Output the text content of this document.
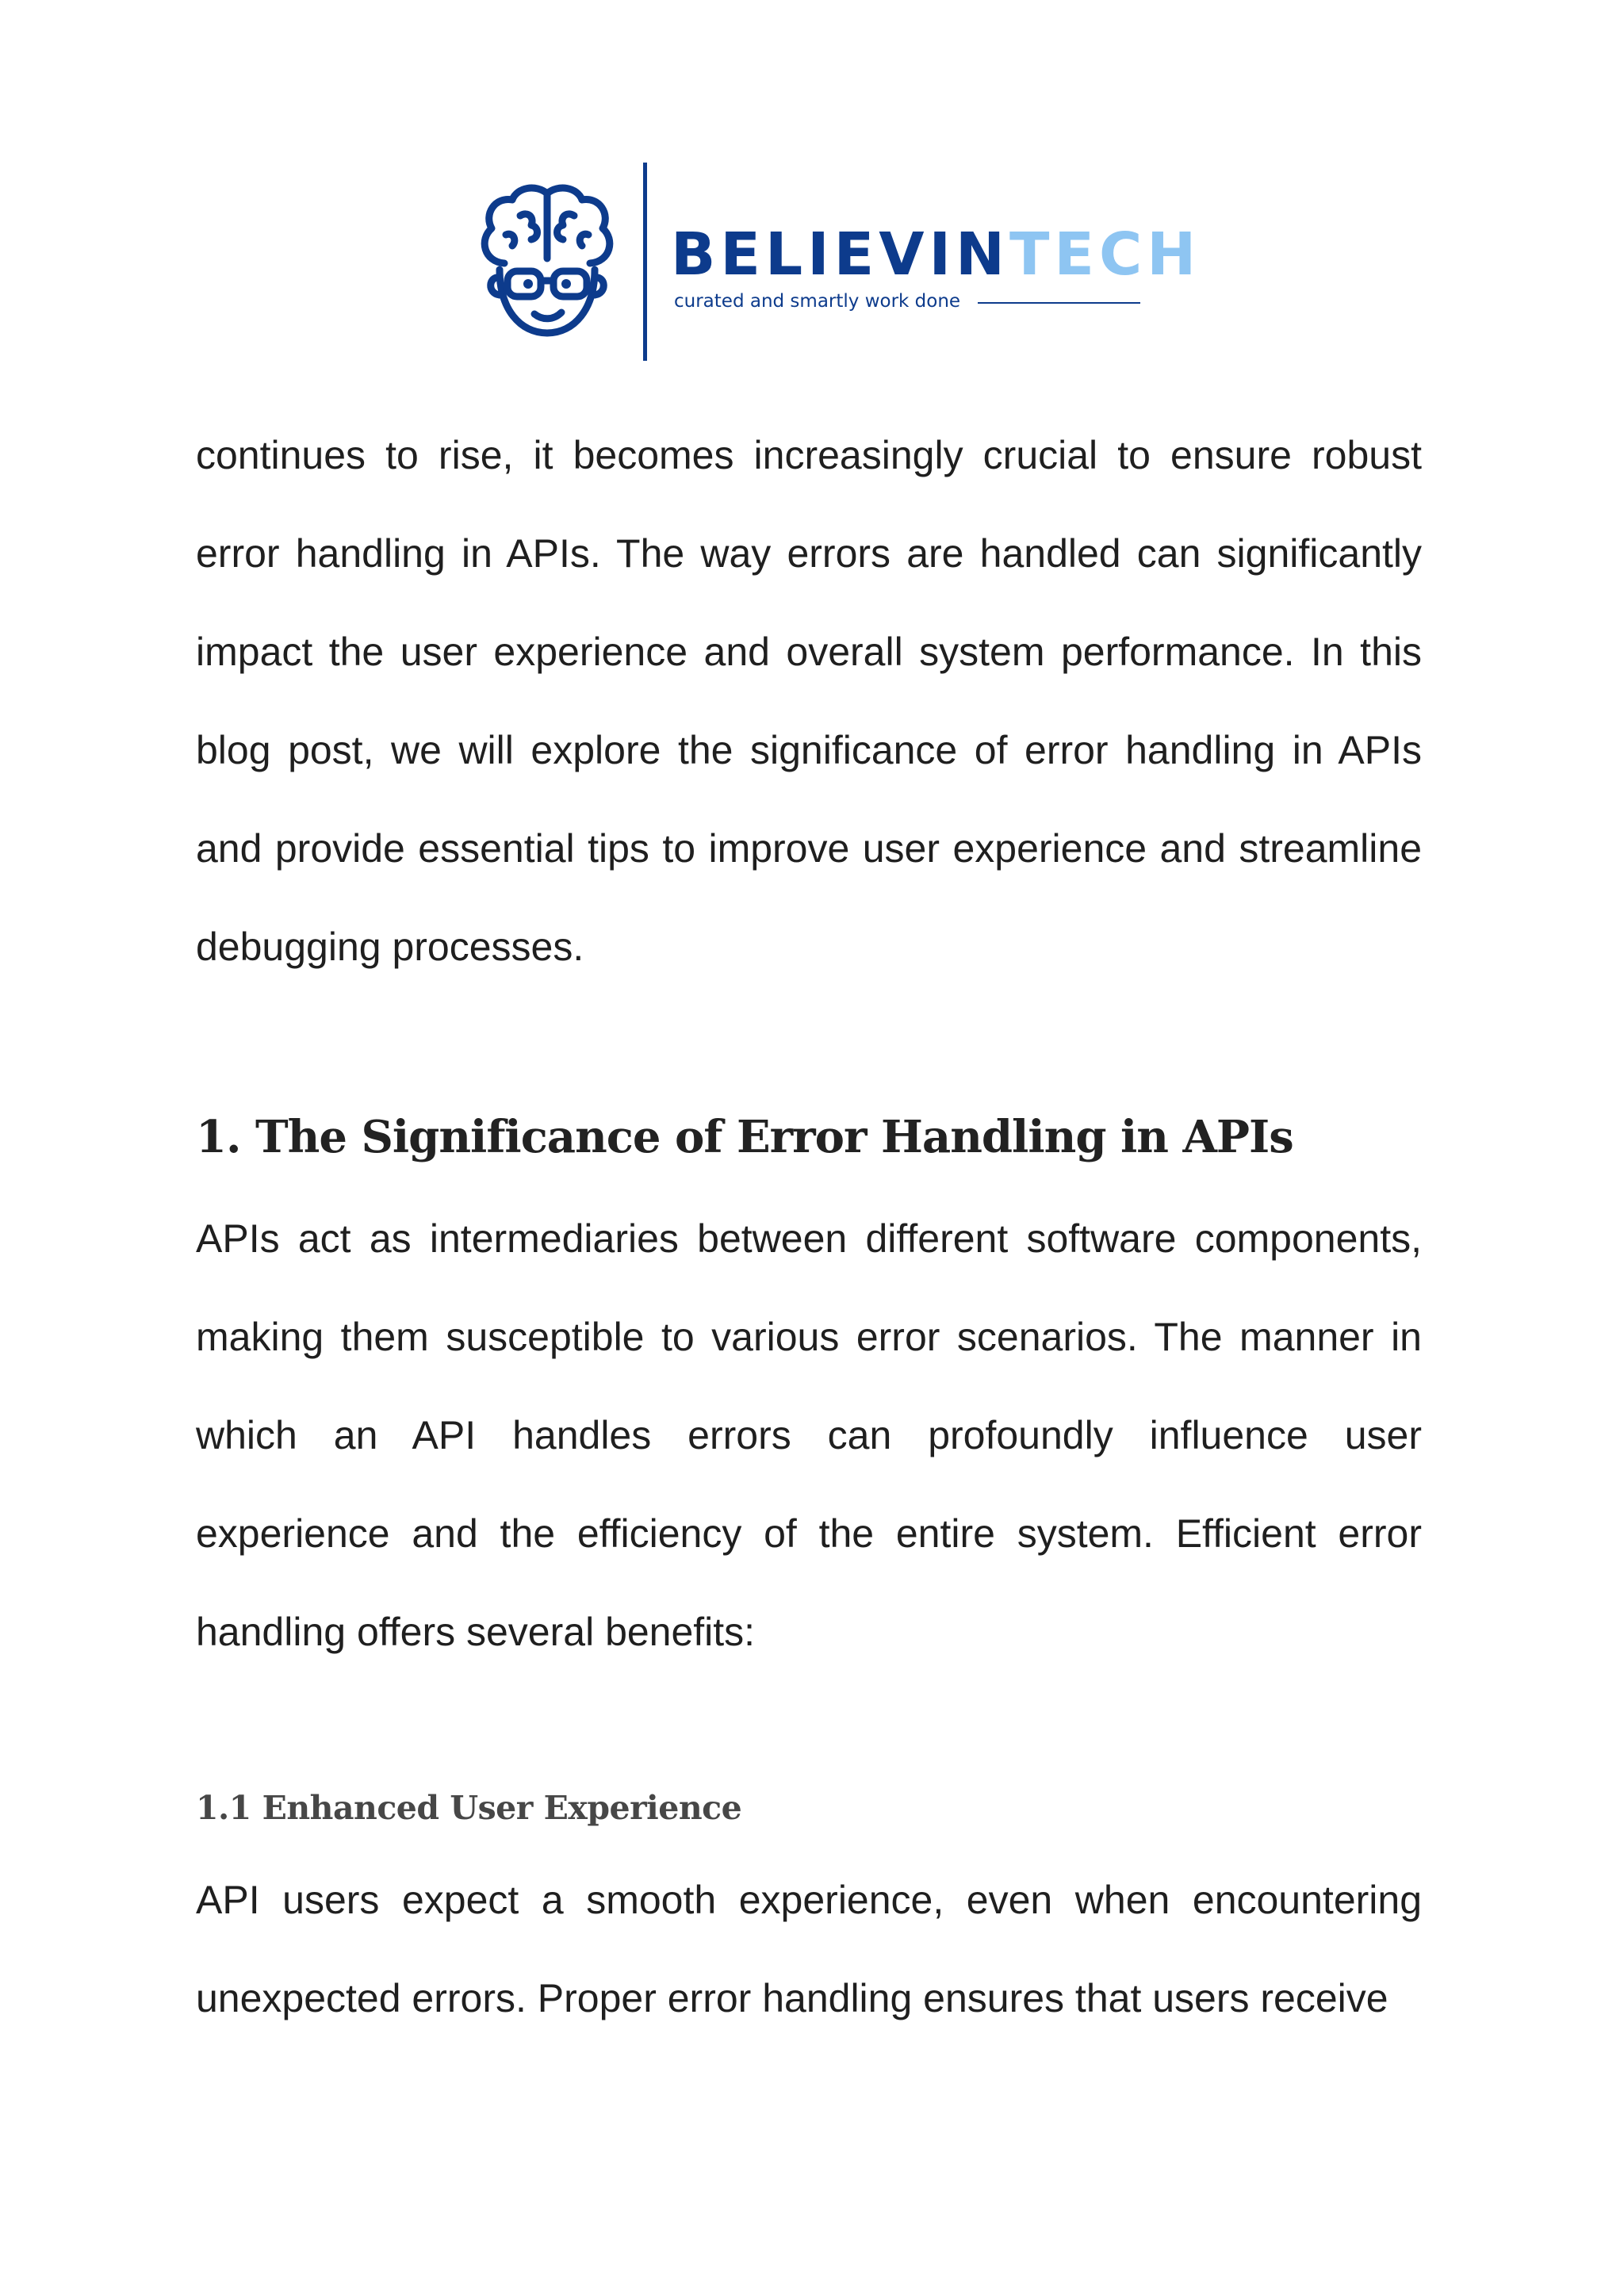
BELIEVINTECH
curated and smartly work done

continues to rise, it becomes increasingly crucial to ensure robust error handling in APIs. The way errors are handled can significantly impact the user experience and overall system performance. In this blog post, we will explore the significance of error handling in APIs and provide essential tips to improve user experience and streamline debugging processes.

1. The Significance of Error Handling in APIs

APIs act as intermediaries between different software components, making them susceptible to various error scenarios. The manner in which an API handles errors can profoundly influence user experience and the efficiency of the entire system. Efficient error handling offers several benefits:

1.1 Enhanced User Experience

API users expect a smooth experience, even when encountering unexpected errors. Proper error handling ensures that users receive
